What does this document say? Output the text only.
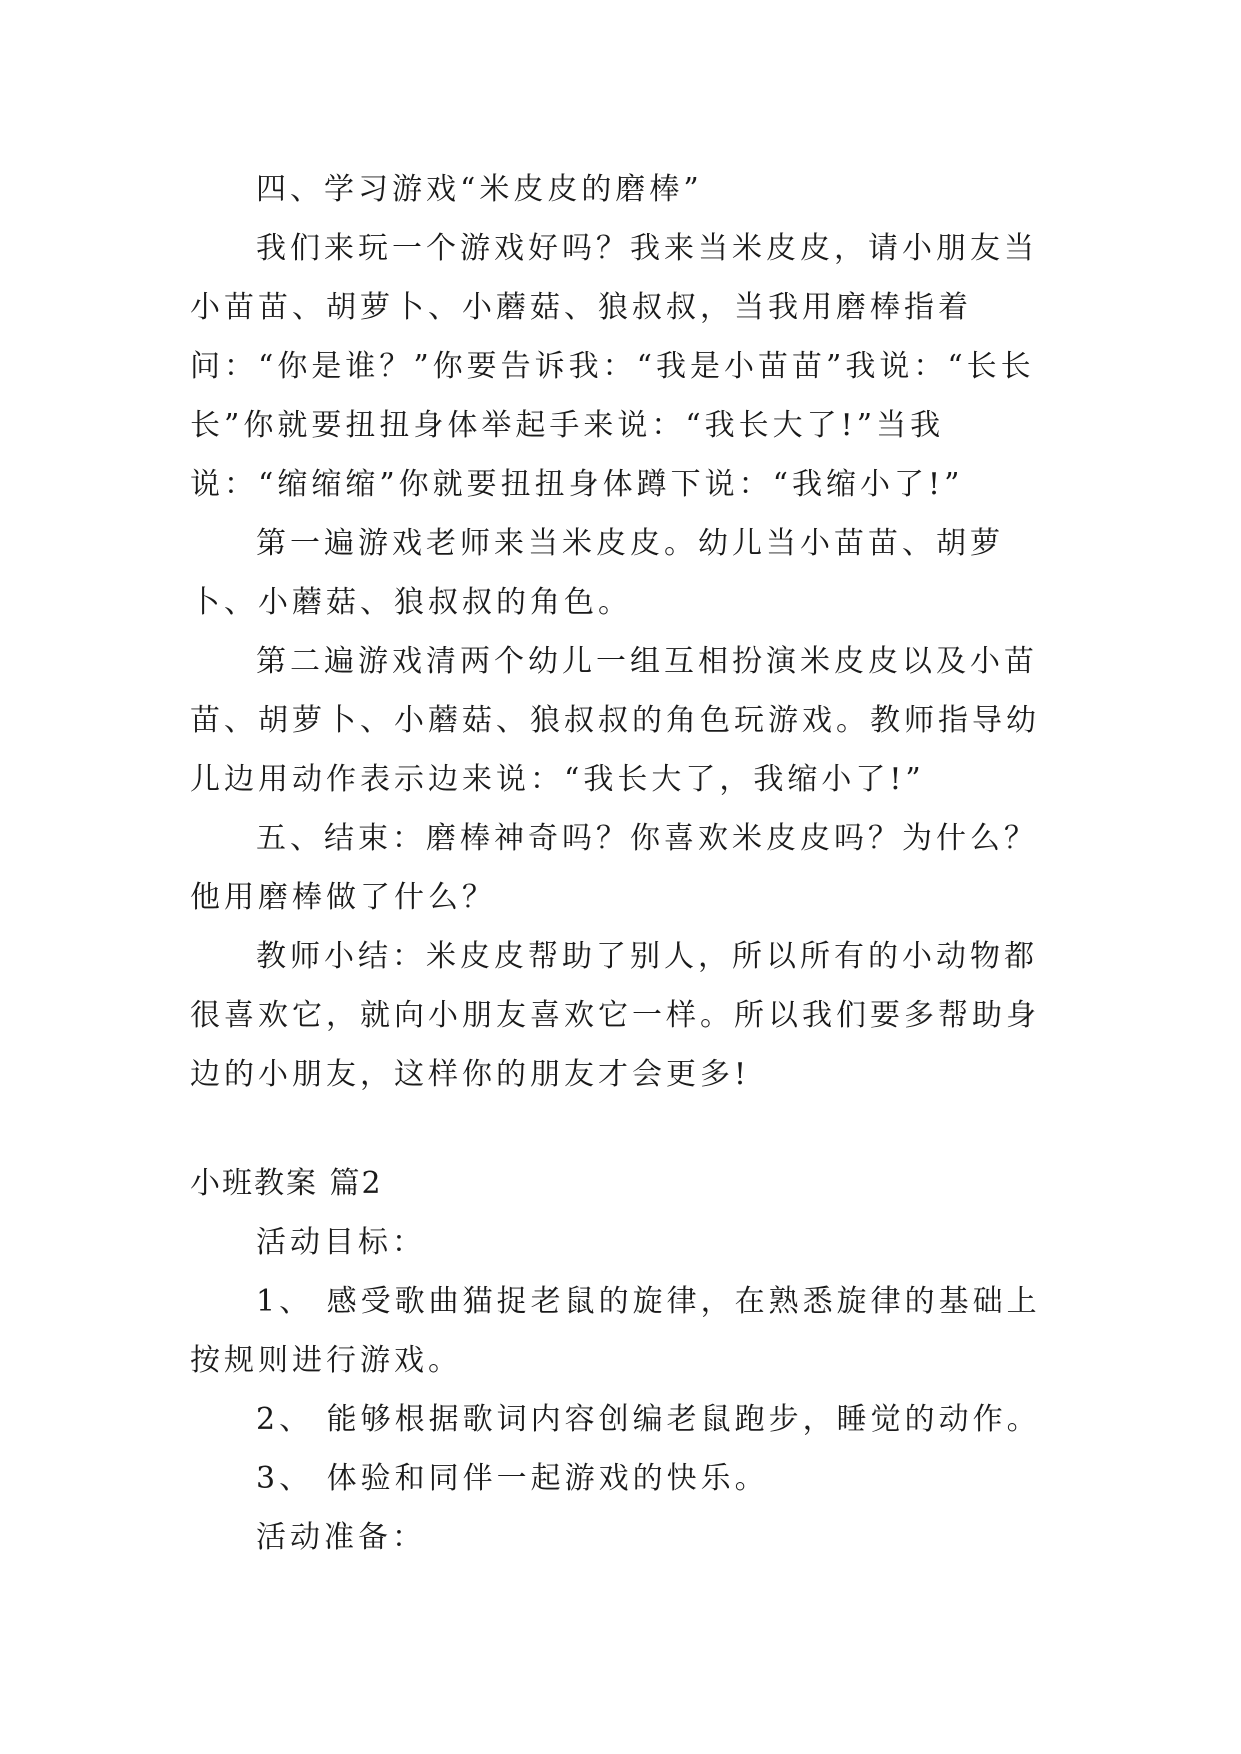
四、学习游戏“米皮皮的磨棒”

我们来玩一个游戏好吗？我来当米皮皮，请小朋友当小苗苗、胡萝卜、小蘑菇、狼叔叔，当我用磨棒指着问：“你是谁？”你要告诉我：“我是小苗苗”我说：“长长长”你就要扭扭身体举起手来说：“我长大了!”当我说：“缩缩缩”你就要扭扭身体蹲下说：“我缩小了!”

第一遍游戏老师来当米皮皮。幼儿当小苗苗、胡萝卜、小蘑菇、狼叔叔的角色。

第二遍游戏清两个幼儿一组互相扮演米皮皮以及小苗苗、胡萝卜、小蘑菇、狼叔叔的角色玩游戏。教师指导幼儿边用动作表示边来说：“我长大了，我缩小了!”

五、结束：磨棒神奇吗？你喜欢米皮皮吗？为什么？他用磨棒做了什么？

教师小结：米皮皮帮助了别人，所以所有的小动物都很喜欢它，就向小朋友喜欢它一样。所以我们要多帮助身边的小朋友，这样你的朋友才会更多!

小班教案 篇2

活动目标：

1、 感受歌曲猫捉老鼠的旋律，在熟悉旋律的基础上按规则进行游戏。

2、 能够根据歌词内容创编老鼠跑步，睡觉的动作。

3、 体验和同伴一起游戏的快乐。

活动准备：
